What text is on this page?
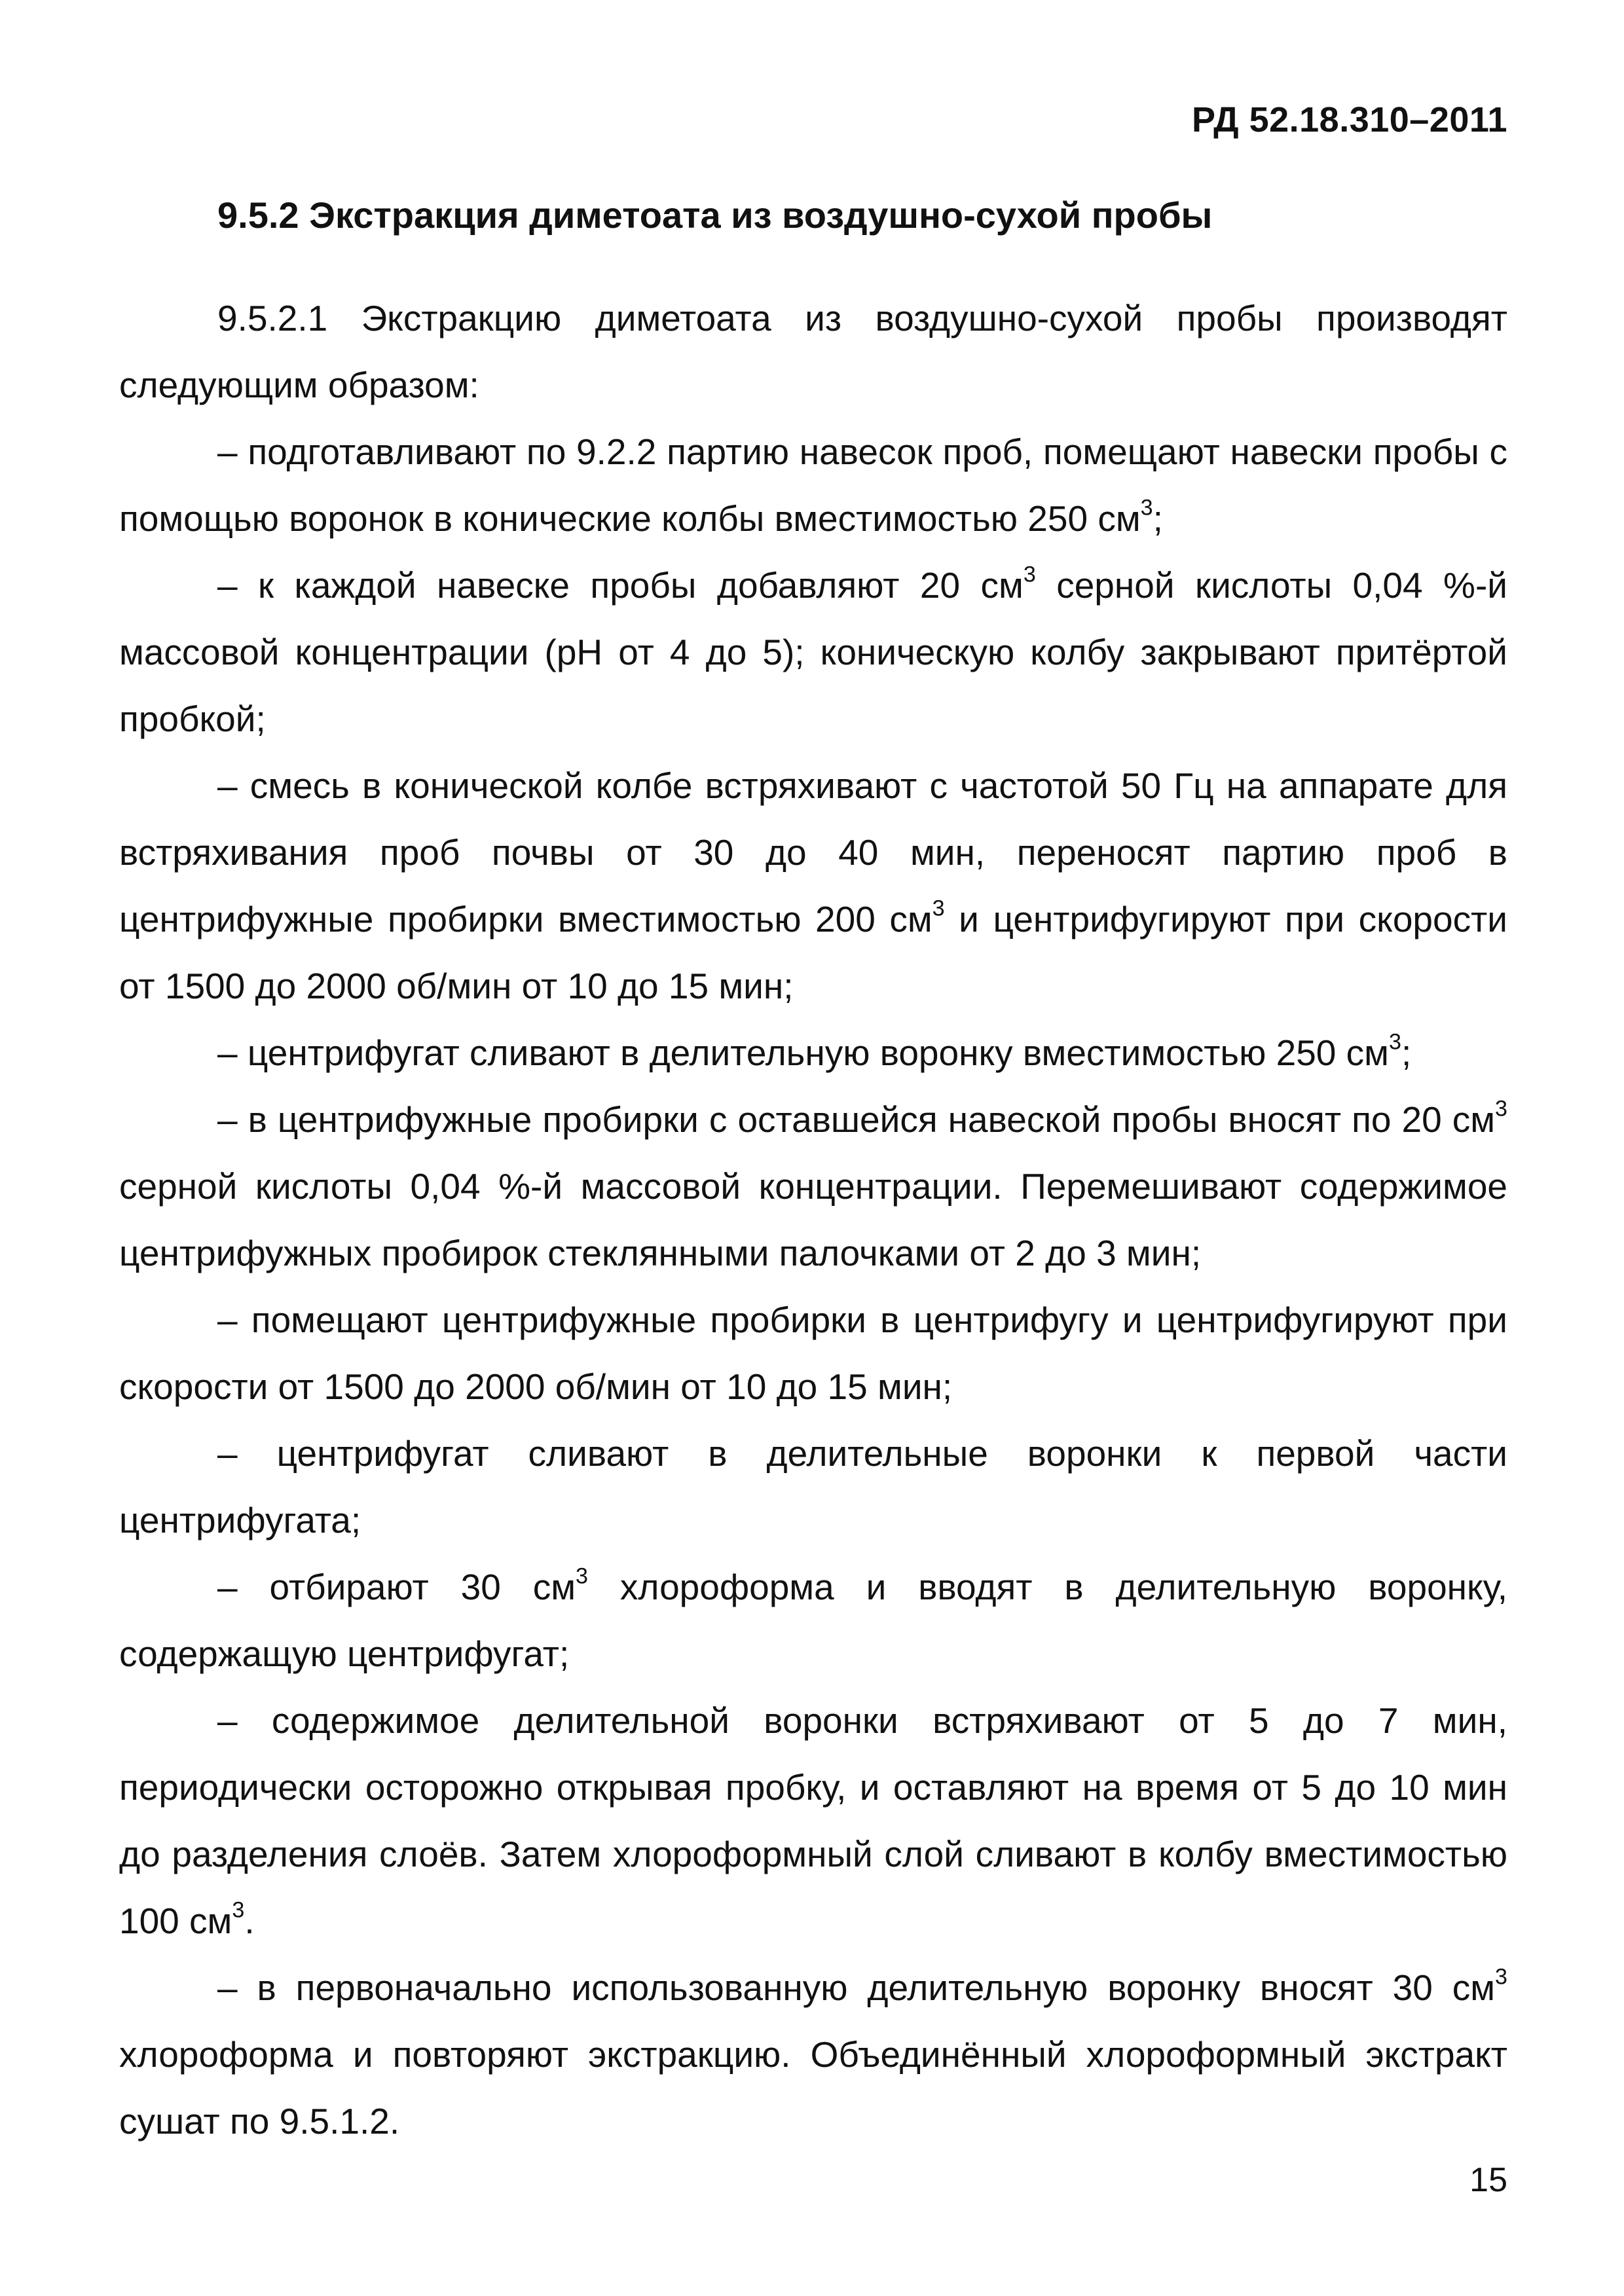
РД 52.18.310–2011

9.5.2 Экстракция диметоата из воздушно-сухой пробы

9.5.2.1 Экстракцию диметоата из воздушно-сухой пробы производят следующим образом:

– подготавливают по 9.2.2 партию навесок проб, помещают навески пробы с помощью воронок в конические колбы вместимостью 250 $см^3$;

– к каждой навеске пробы добавляют 20 $см^3$ серной кислоты 0,04 %-й массовой концентрации (pH от 4 до 5); коническую колбу закрывают притёртой пробкой;

– смесь в конической колбе встряхивают с частотой 50 Гц на аппарате для встряхивания проб почвы от 30 до 40 мин, переносят партию проб в центрифужные пробирки вместимостью 200 $см^3$ и центрифугируют при скорости от 1500 до 2000 об/мин от 10 до 15 мин;

– центрифугат сливают в делительную воронку вместимостью 250 $см^3$;

– в центрифужные пробирки с оставшейся навеской пробы вносят по 20 $см^3$ серной кислоты 0,04 %-й массовой концентрации. Перемешивают содержимое центрифужных пробирок стеклянными палочками от 2 до 3 мин;

– помещают центрифужные пробирки в центрифугу и центрифугируют при скорости от 1500 до 2000 об/мин от 10 до 15 мин;

– центрифугат сливают в делительные воронки к первой части центрифугата;

– отбирают 30 $см^3$ хлороформа и вводят в делительную воронку, содержащую центрифугат;

– содержимое делительной воронки встряхивают от 5 до 7 мин, периодически осторожно открывая пробку, и оставляют на время от 5 до 10 мин до разделения слоёв. Затем хлороформный слой сливают в колбу вместимостью 100 $см^3$.

– в первоначально использованную делительную воронку вносят 30 $см^3$ хлороформа и повторяют экстракцию. Объединённый хлороформный экстракт сушат по 9.5.1.2.

15
